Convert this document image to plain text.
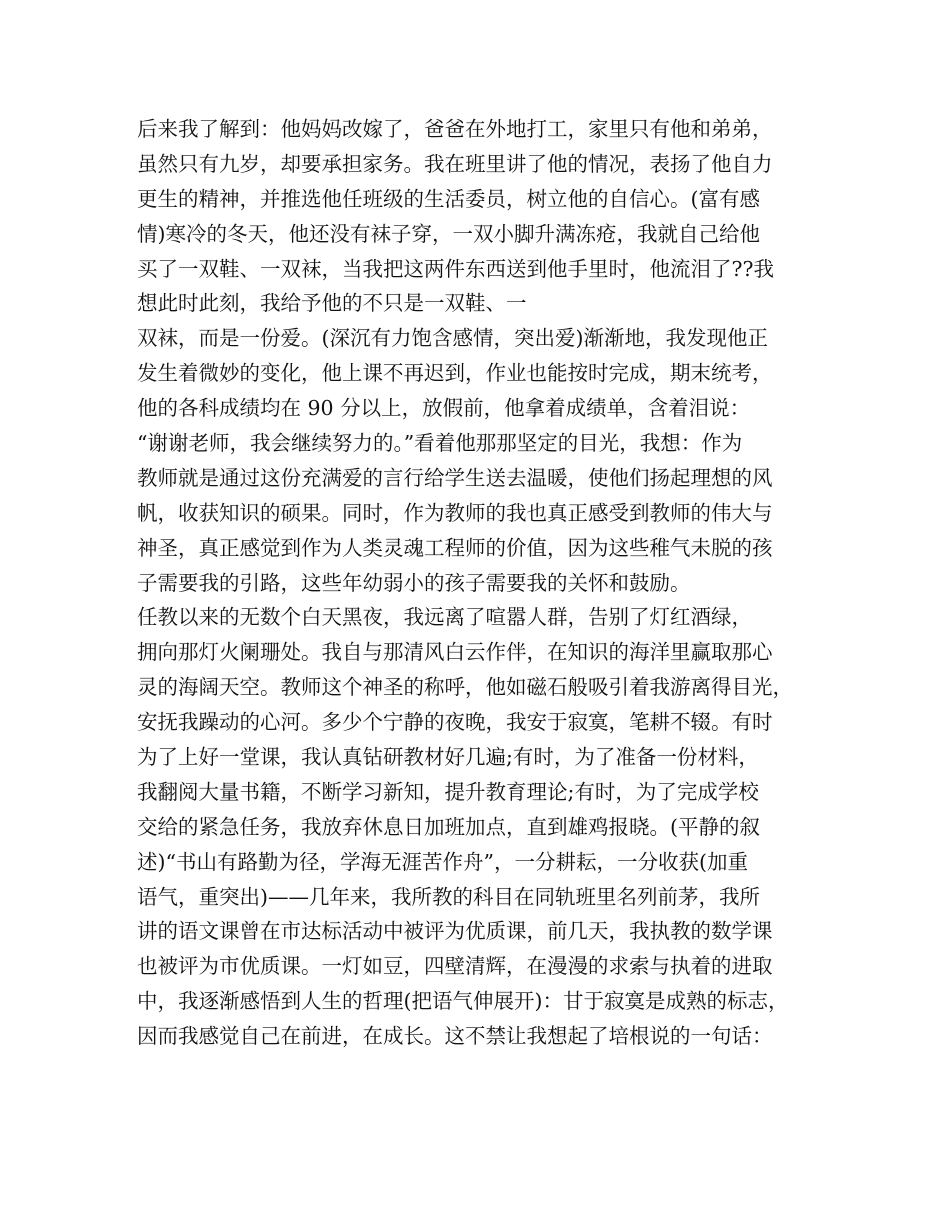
后来我了解到：他妈妈改嫁了，爸爸在外地打工，家里只有他和弟弟，
虽然只有九岁，却要承担家务。我在班里讲了他的情况，表扬了他自力
更生的精神，并推选他任班级的生活委员，树立他的自信心。(富有感
情)寒冷的冬天，他还没有袜子穿，一双小脚升满冻疮，我就自己给他
买了一双鞋、一双袜，当我把这两件东西送到他手里时，他流泪了??我
想此时此刻，我给予他的不只是一双鞋、一
双袜，而是一份爱。(深沉有力饱含感情，突出爱)渐渐地，我发现他正
发生着微妙的变化，他上课不再迟到，作业也能按时完成，期末统考，
他的各科成绩均在 90 分以上，放假前，他拿着成绩单，含着泪说：
“谢谢老师，我会继续努力的。”看着他那那坚定的目光，我想：作为
教师就是通过这份充满爱的言行给学生送去温暖，使他们扬起理想的风
帆，收获知识的硕果。同时，作为教师的我也真正感受到教师的伟大与
神圣，真正感觉到作为人类灵魂工程师的价值，因为这些稚气未脱的孩
子需要我的引路，这些年幼弱小的孩子需要我的关怀和鼓励。
任教以来的无数个白天黑夜，我远离了喧嚣人群，告别了灯红酒绿，
拥向那灯火阑珊处。我自与那清风白云作伴，在知识的海洋里赢取那心
灵的海阔天空。教师这个神圣的称呼，他如磁石般吸引着我游离得目光，
安抚我躁动的心河。多少个宁静的夜晚，我安于寂寞，笔耕不辍。有时
为了上好一堂课，我认真钻研教材好几遍;有时，为了准备一份材料，
我翻阅大量书籍，不断学习新知，提升教育理论;有时，为了完成学校
交给的紧急任务，我放弃休息日加班加点，直到雄鸡报晓。(平静的叙
述)“书山有路勤为径，学海无涯苦作舟”，一分耕耘，一分收获(加重
语气，重突出)——几年来，我所教的科目在同轨班里名列前茅，我所
讲的语文课曾在市达标活动中被评为优质课，前几天，我执教的数学课
也被评为市优质课。一灯如豆，四壁清辉，在漫漫的求索与执着的进取
中，我逐渐感悟到人生的哲理(把语气伸展开)：甘于寂寞是成熟的标志，
因而我感觉自己在前进，在成长。这不禁让我想起了培根说的一句话：
